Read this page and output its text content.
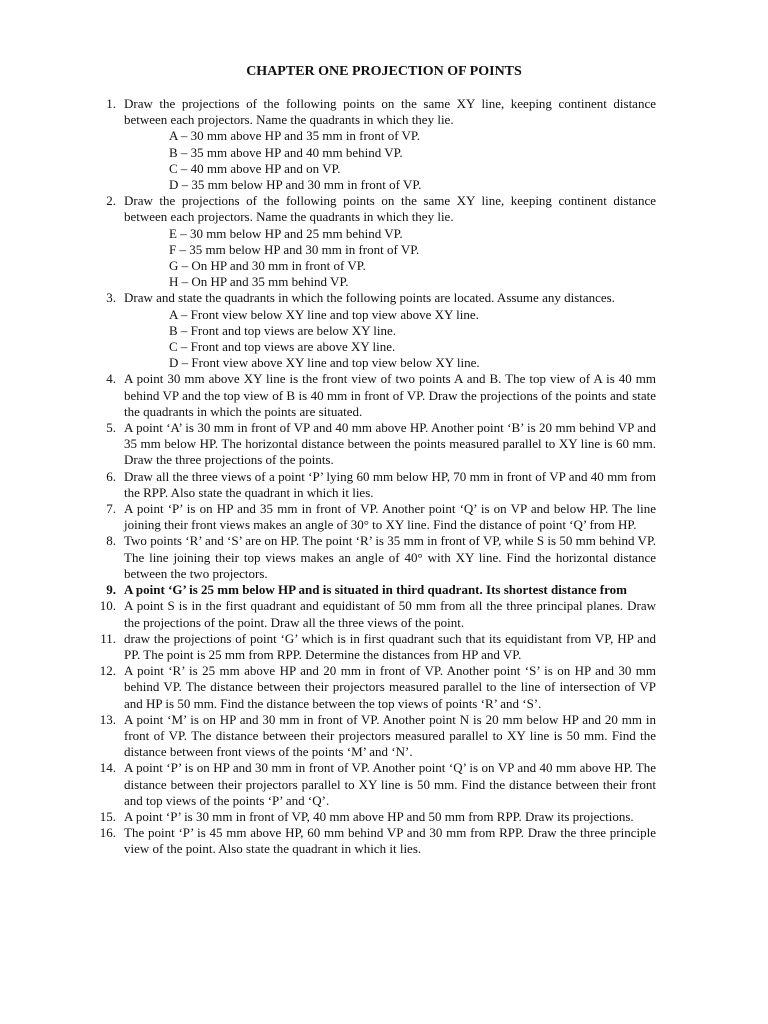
CHAPTER ONE PROJECTION OF POINTS
1. Draw the projections of the following points on the same XY line, keeping continent distance between each projectors. Name the quadrants in which they lie.
A – 30 mm above HP and 35 mm in front of VP.
B – 35 mm above HP and 40 mm behind VP.
C – 40 mm above HP and on VP.
D – 35 mm below HP and 30 mm in front of VP.
2. Draw the projections of the following points on the same XY line, keeping continent distance between each projectors. Name the quadrants in which they lie.
E – 30 mm below HP and 25 mm behind VP.
F – 35 mm below HP and 30 mm in front of VP.
G – On HP and 30 mm in front of VP.
H – On HP and 35 mm behind VP.
3. Draw and state the quadrants in which the following points are located. Assume any distances.
A – Front view below XY line and top view above XY line.
B – Front and top views are below XY line.
C – Front and top views are above XY line.
D – Front view above XY line and top view below XY line.
4. A point 30 mm above XY line is the front view of two points A and B. The top view of A is 40 mm behind VP and the top view of B is 40 mm in front of VP. Draw the projections of the points and state the quadrants in which the points are situated.
5. A point ‘A’ is 30 mm in front of VP and 40 mm above HP. Another point ‘B’ is 20 mm behind VP and 35 mm below HP. The horizontal distance between the points measured parallel to XY line is 60 mm. Draw the three projections of the points.
6. Draw all the three views of a point ‘P’ lying 60 mm below HP, 70 mm in front of VP and 40 mm from the RPP. Also state the quadrant in which it lies.
7. A point ‘P’ is on HP and 35 mm in front of VP. Another point ‘Q’ is on VP and below HP. The line joining their front views makes an angle of 30° to XY line. Find the distance of point ‘Q’ from HP.
8. Two points ‘R’ and ‘S’ are on HP. The point ‘R’ is 35 mm in front of VP, while S is 50 mm behind VP. The line joining their top views makes an angle of 40° with XY line. Find the horizontal distance between the two projectors.
9. A point ‘G’ is 25 mm below HP and is situated in third quadrant. Its shortest distance from
10. A point S is in the first quadrant and equidistant of 50 mm from all the three principal planes. Draw the projections of the point. Draw all the three views of the point.
11. draw the projections of point ‘G’ which is in first quadrant such that its equidistant from VP, HP and PP. The point is 25 mm from RPP. Determine the distances from HP and VP.
12. A point ‘R’ is 25 mm above HP and 20 mm in front of VP. Another point ‘S’ is on HP and 30 mm behind VP. The distance between their projectors measured parallel to the line of intersection of VP and HP is 50 mm. Find the distance between the top views of points ‘R’ and ‘S’.
13. A point ‘M’ is on HP and 30 mm in front of VP. Another point N is 20 mm below HP and 20 mm in front of VP. The distance between their projectors measured parallel to XY line is 50 mm. Find the distance between front views of the points ‘M’ and ‘N’.
14. A point ‘P’ is on HP and 30 mm in front of VP. Another point ‘Q’ is on VP and 40 mm above HP. The distance between their projectors parallel to XY line is 50 mm. Find the distance between their front and top views of the points ‘P’ and ‘Q’.
15. A point ‘P’ is 30 mm in front of VP, 40 mm above HP and 50 mm from RPP. Draw its projections.
16. The point ‘P’ is 45 mm above HP, 60 mm behind VP and 30 mm from RPP. Draw the three principle view of the point. Also state the quadrant in which it lies.
